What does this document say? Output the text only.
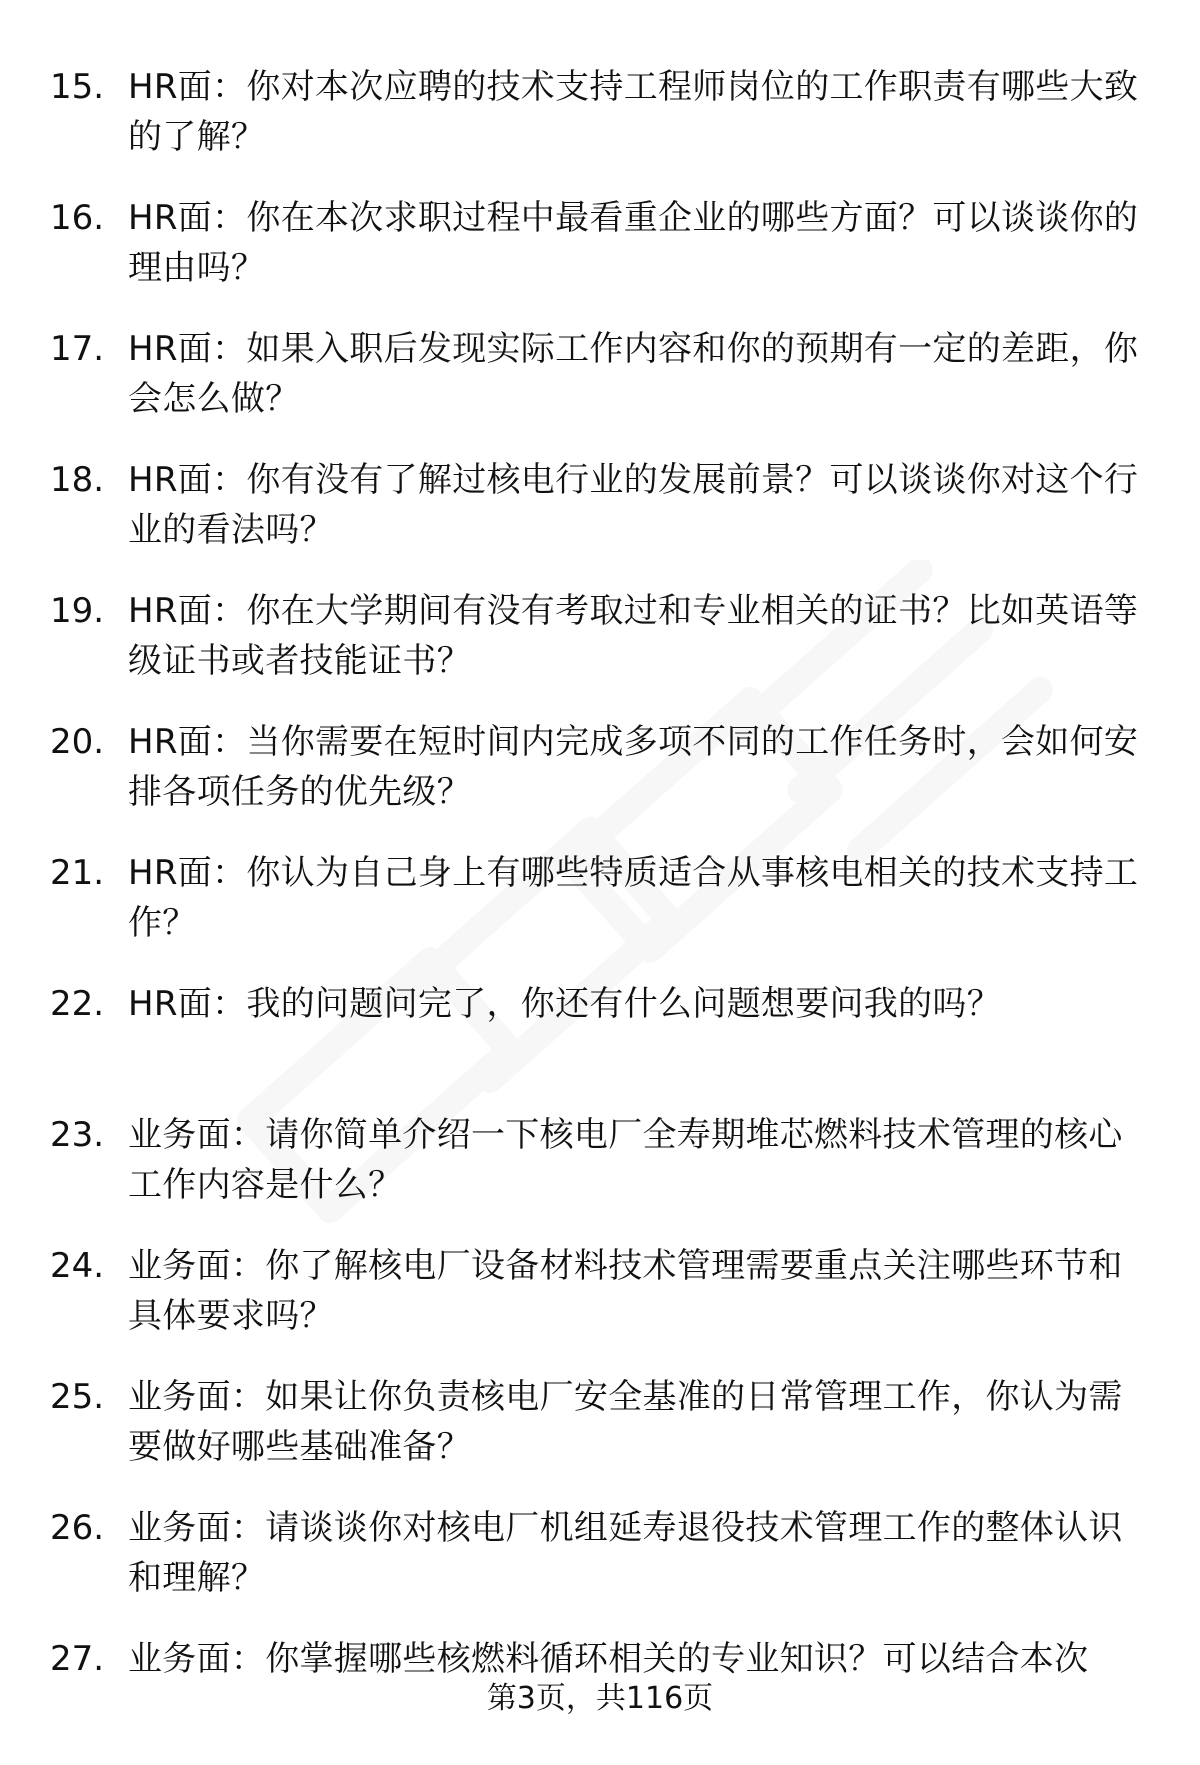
15. HR面：你对本次应聘的技术支持工程师岗位的工作职责有哪些大致的了解？
16. HR面：你在本次求职过程中最看重企业的哪些方面？可以谈谈你的理由吗？
17. HR面：如果入职后发现实际工作内容和你的预期有一定的差距，你会怎么做？
18. HR面：你有没有了解过核电行业的发展前景？可以谈谈你对这个行业的看法吗？
19. HR面：你在大学期间有没有考取过和专业相关的证书？比如英语等级证书或者技能证书？
20. HR面：当你需要在短时间内完成多项不同的工作任务时，会如何安排各项任务的优先级？
21. HR面：你认为自己身上有哪些特质适合从事核电相关的技术支持工作？
22. HR面：我的问题问完了，你还有什么问题想要问我的吗？
23. 业务面：请你简单介绍一下核电厂全寿期堆芯燃料技术管理的核心工作内容是什么？
24. 业务面：你了解核电厂设备材料技术管理需要重点关注哪些环节和具体要求吗？
25. 业务面：如果让你负责核电厂安全基准的日常管理工作，你认为需要做好哪些基础准备？
26. 业务面：请谈谈你对核电厂机组延寿退役技术管理工作的整体认识和理解？
27. 业务面：你掌握哪些核燃料循环相关的专业知识？可以结合本次
第3页，共116页
